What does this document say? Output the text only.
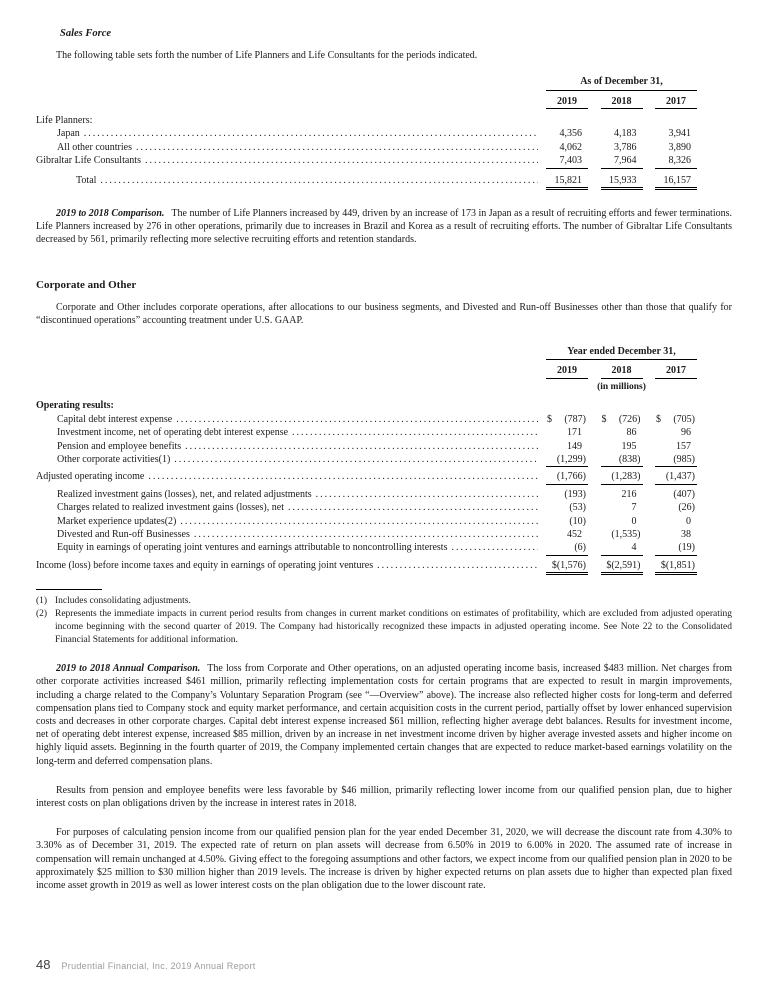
Sales Force

The following table sets forth the number of Life Planners and Life Consultants for the periods indicated.

As of December 31,
2019	2018	2017
Life Planners:
Japan .....	4,356	4,183	3,941
All other countries .....	4,062	3,786	3,890
Gibraltar Life Consultants .....	7,403	7,964	8,326
Total .....	15,821	15,933	16,157

2019 to 2018 Comparison. The number of Life Planners increased by 449, driven by an increase of 173 in Japan as a result of recruiting efforts and fewer terminations. Life Planners increased by 276 in other operations, primarily due to increases in Brazil and Korea as a result of recruiting efforts. The number of Gibraltar Life Consultants decreased by 561, primarily reflecting more selective recruiting efforts and retention standards.

Corporate and Other

Corporate and Other includes corporate operations, after allocations to our business segments, and Divested and Run-off Businesses other than those that qualify for “discontinued operations” accounting treatment under U.S. GAAP.

Year ended December 31,
2019	2018	2017
(in millions)
Operating results:
Capital debt interest expense .....	$ (787) $ (726) $ (705)
Investment income, net of operating debt interest expense .....	171	86	96
Pension and employee benefits .....	149	195	157
Other corporate activities(1) .....	(1,299)	(838)	(985)
Adjusted operating income .....	(1,766)	(1,283)	(1,437)
Realized investment gains (losses), net, and related adjustments .....	(193)	216	(407)
Charges related to realized investment gains (losses), net .....	(53)	7	(26)
Market experience updates(2) .....	(10)	0	0
Divested and Run-off Businesses .....	452	(1,535)	38
Equity in earnings of operating joint ventures and earnings attributable to noncontrolling interests .....	(6)	4	(19)
Income (loss) before income taxes and equity in earnings of operating joint ventures .....	$(1,576)	$(2,591)	$(1,851)
(1) Includes consolidating adjustments.
(2) Represents the immediate impacts in current period results from changes in current market conditions on estimates of profitability, which are excluded from adjusted operating income beginning with the second quarter of 2019. The Company had historically recognized these impacts in adjusted operating income. See Note 22 to the Consolidated Financial Statements for additional information.

2019 to 2018 Annual Comparison. The loss from Corporate and Other operations, on an adjusted operating income basis, increased $483 million. Net charges from other corporate activities increased $461 million, primarily reflecting implementation costs for certain programs that are expected to result in margin improvements, including a charge related to the Company’s Voluntary Separation Program (see “—Overview” above). The increase also reflected higher costs for long-term and deferred compensation plans tied to Company stock and equity market performance, and certain acquisition costs in the current period, partially offset by lower enhanced supervision costs and decreases in other corporate charges. Capital debt interest expense increased $61 million, reflecting higher average debt balances. Results for investment income, net of operating debt interest expense, increased $85 million, driven by an increase in net investment income driven by higher average invested assets and higher income on highly liquid assets. Beginning in the fourth quarter of 2019, the Company implemented certain changes that are expected to reduce market-based earnings volatility on the long-term and deferred compensation plans.

Results from pension and employee benefits were less favorable by $46 million, primarily reflecting lower income from our qualified pension plan, due to higher interest costs on plan obligations driven by the increase in interest rates in 2018.

For purposes of calculating pension income from our qualified pension plan for the year ended December 31, 2020, we will decrease the discount rate from 4.30% to 3.30% as of December 31, 2019. The expected rate of return on plan assets will decrease from 6.50% in 2019 to 6.00% in 2020. The assumed rate of increase in compensation will remain unchanged at 4.50%. Giving effect to the foregoing assumptions and other factors, we expect income from our qualified pension plan in 2020 to be approximately $25 million to $30 million higher than 2019 levels. The increase is driven by higher expected returns on plan assets due to higher than expected plan fixed income asset growth in 2019 as well as lower interest costs on the plan obligation due to the lower discount rate.

48 Prudential Financial, Inc. 2019 Annual Report
